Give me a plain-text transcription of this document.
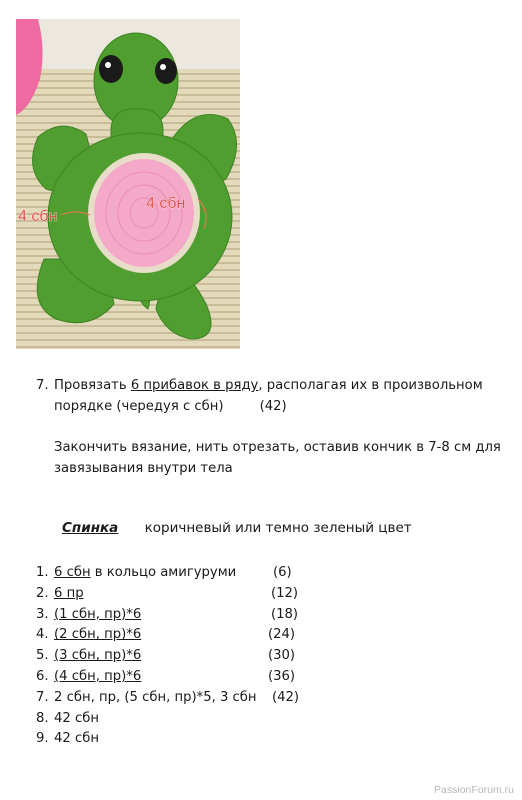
4 сбн
4 сбн
7. Провязать 6 прибавок в ряду, располагая их в произвольном порядке (чередуя с сбн)	(42)
Закончить вязание, нить отрезать, оставив кончик в 7-8 см для завязывания внутри тела
Спинка коричневый или темно зеленый цвет
1. 6 сбн в кольцо амигуруми	(6)
2. 6 пр	(12)
3. (1 сбн, пр)*6	(18)
4. (2 сбн, пр)*6	(24)
5. (3 сбн, пр)*6	(30)
6. (4 сбн, пр)*6	(36)
7. 2 сбн, пр, (5 сбн, пр)*5, 3 сбн (42)
8. 42 сбн
9. 42 сбн
PassionForum.ru
